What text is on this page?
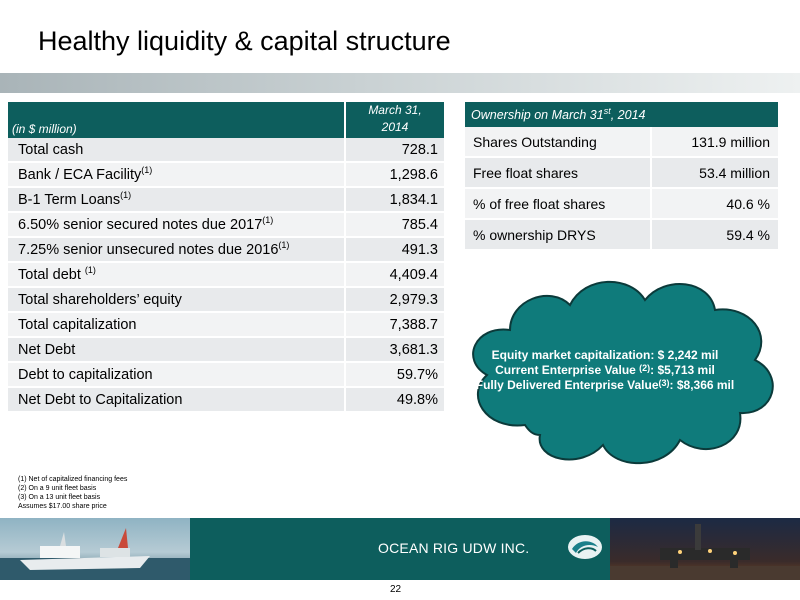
Healthy liquidity & capital structure
(in $ million)	March 31,
2014

Total cash	728.1
Bank / ECA Facility$^{(1)}$	1,298.6
B-1 Term Loans$^{(1)}$	1,834.1
6.50% senior secured notes due 2017$^{(1)}$	785.4
7.25% senior unsecured notes due 2016$^{(1)}$	491.3
Total debt $^{(1)}$	4,409.4
Total shareholders’ equity	2,979.3
Total capitalization	7,388.7
Net Debt	3,681.3
Debt to capitalization	59.7%
Net Debt to Capitalization	49.8%
Ownership on March 31st, 2014	
Shares Outstanding	131.9 million
Free float shares	53.4 million
% of free float shares	40.6 %
% ownership DRYS	59.4 %
Equity market capitalization: $ 2,242 mil
Current Enterprise Value $^{(2)}$: $5,713 mil
Fully Delivered Enterprise Value$^{(3)}$: $8,366 mil
(1) Net of capitalized financing fees
(2) On a 9 unit fleet basis
(3) On a 13 unit fleet basis
Assumes $17.00 share price
OCEAN RIG UDW INC.
22
